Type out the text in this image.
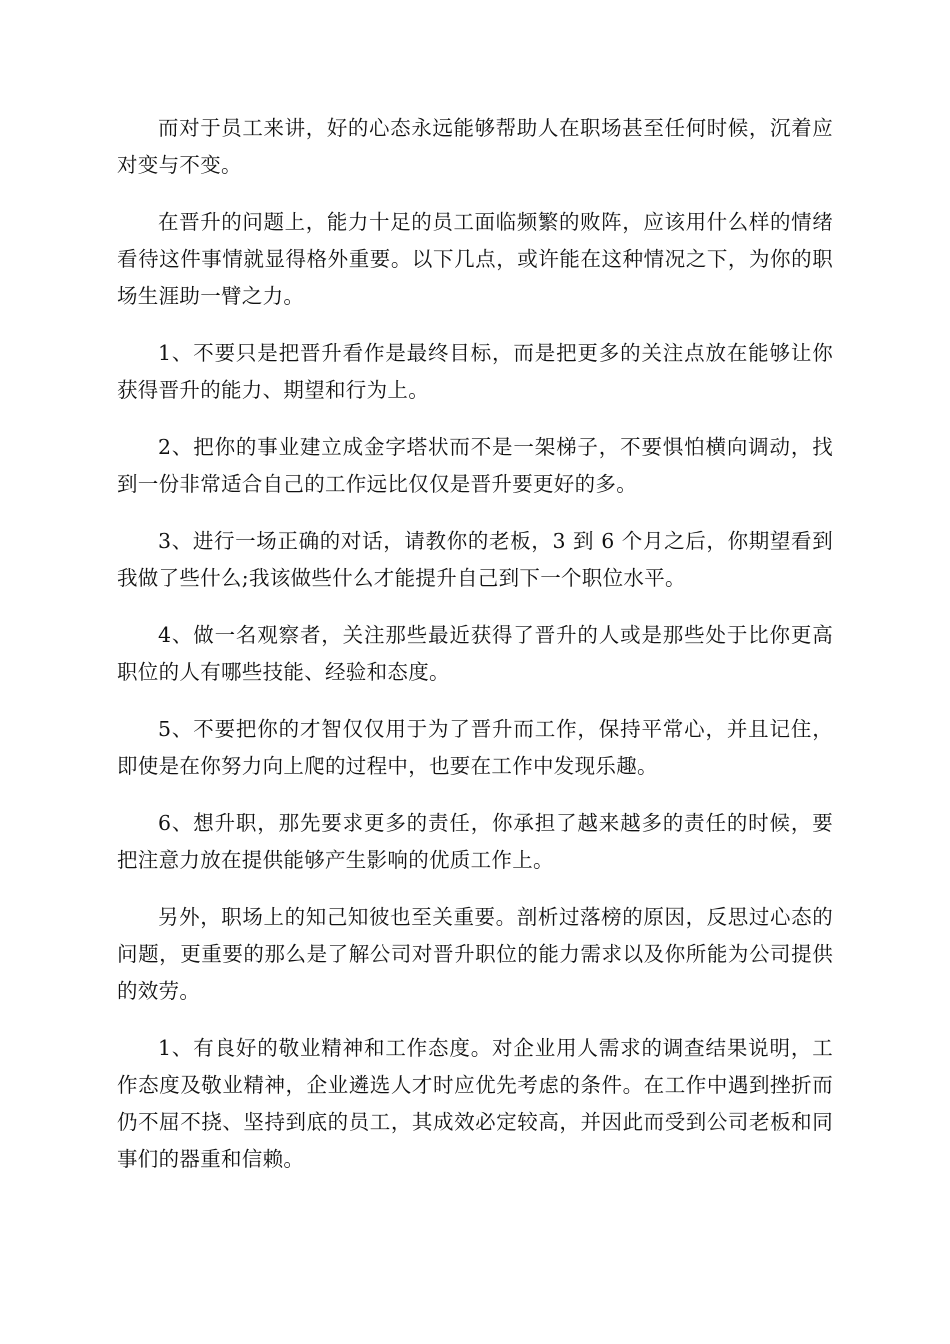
而对于员工来讲，好的心态永远能够帮助人在职场甚至任何时候，沉着应对变与不变。

在晋升的问题上，能力十足的员工面临频繁的败阵，应该用什么样的情绪看待这件事情就显得格外重要。以下几点，或许能在这种情况之下，为你的职场生涯助一臂之力。

1、不要只是把晋升看作是最终目标，而是把更多的关注点放在能够让你获得晋升的能力、期望和行为上。

2、把你的事业建立成金字塔状而不是一架梯子，不要惧怕横向调动，找到一份非常适合自己的工作远比仅仅是晋升要更好的多。

3、进行一场正确的对话，请教你的老板，3 到 6 个月之后，你期望看到我做了些什么;我该做些什么才能提升自己到下一个职位水平。

4、做一名观察者，关注那些最近获得了晋升的人或是那些处于比你更高职位的人有哪些技能、经验和态度。

5、不要把你的才智仅仅用于为了晋升而工作，保持平常心，并且记住，即使是在你努力向上爬的过程中，也要在工作中发现乐趣。

6、想升职，那先要求更多的责任，你承担了越来越多的责任的时候，要把注意力放在提供能够产生影响的优质工作上。

另外，职场上的知己知彼也至关重要。剖析过落榜的原因，反思过心态的问题，更重要的那么是了解公司对晋升职位的能力需求以及你所能为公司提供的效劳。

1、有良好的敬业精神和工作态度。对企业用人需求的调查结果说明，工作态度及敬业精神，企业遴选人才时应优先考虑的条件。在工作中遇到挫折而仍不屈不挠、坚持到底的员工，其成效必定较高，并因此而受到公司老板和同事们的器重和信赖。
